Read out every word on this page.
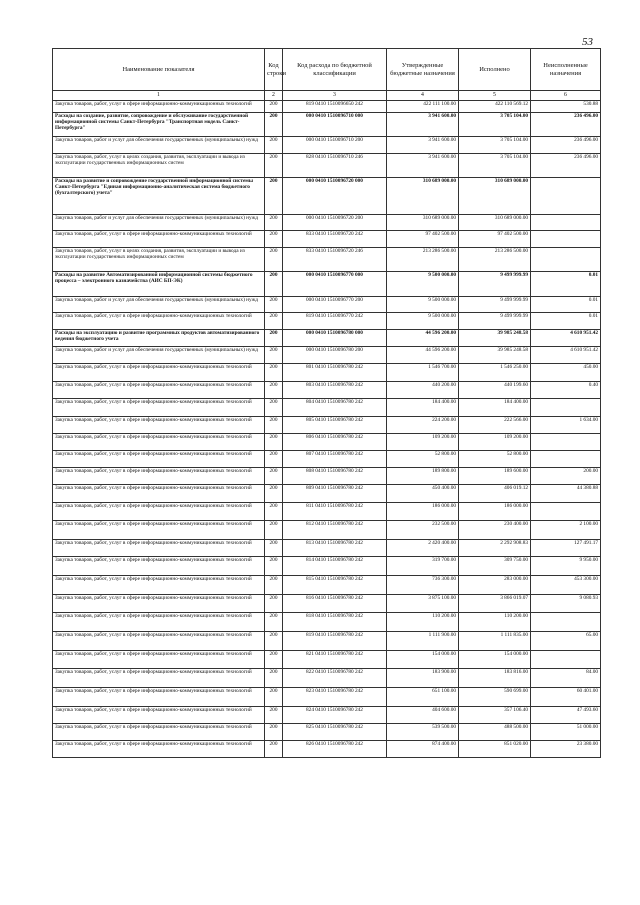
53
Наименование показателя	Код строки	Код расхода по бюджетной классификации	Утвержденные бюджетные назначения	Исполнено	Неисполненные назначения
1	2	3	4	5	6
Закупка товаров, работ, услуг в сфере информационно-коммуникационных технологий	200	819 0410 1510096650 242	422 111 100.00	422 110 569.12	530.88
Расходы на создание, развитие, сопровождение и обслуживание государственной информационной системы Санкт-Петербурга "Транспортная модель Санкт-Петербурга"	200	000 0410 1510096710 000	3 941 600.00	3 705 104.00	236 496.00
Закупка товаров, работ и услуг для обеспечения государственных (муниципальных) нужд	200	000 0410 1510096710 200	3 941 600.00	3 705 104.00	236 496.00
Закупка товаров, работ, услуг в целях создания, развития, эксплуатации и вывода из эксплуатации государственных информационных систем	200	828 0410 1510096710 246	3 941 600.00	3 705 104.00	236 496.00
Расходы на развитие и сопровождение государственной информационной системы Санкт-Петербурга "Единая информационно-аналитическая система бюджетного (бухгалтерского) учета"	200	000 0410 1510096720 000	310 689 000.00	310 689 000.00	
Закупка товаров, работ и услуг для обеспечения государственных (муниципальных) нужд	200	000 0410 1510096720 200	310 689 000.00	310 689 000.00	
Закупка товаров, работ, услуг в сфере информационно-коммуникационных технологий	200	833 0410 1510096720 242	97 402 500.00	97 402 500.00	
Закупка товаров, работ, услуг в целях создания, развития, эксплуатации и вывода из эксплуатации государственных информационных систем	200	833 0410 1510096720 246	213 286 500.00	213 286 500.00	
Расходы на развитие Автоматизированной информационной системы бюджетного процесса – электронного казначейства (АИС БП-ЭК)	200	000 0410 1510096770 000	9 500 000.00	9 499 999.99	0.01
Закупка товаров, работ и услуг для обеспечения государственных (муниципальных) нужд	200	000 0410 1510096770 200	9 500 000.00	9 499 999.99	0.01
Закупка товаров, работ, услуг в сфере информационно-коммуникационных технологий	200	819 0410 1510096770 242	9 500 000.00	9 499 999.99	0.01
Расходы на эксплуатацию и развитие программных продуктов автоматизированного ведения бюджетного учета	200	000 0410 1510096780 000	44 596 200.00	39 985 248.58	4 610 951.42
Закупка товаров, работ и услуг для обеспечения государственных (муниципальных) нужд	200	000 0410 1510096780 200	44 596 200.00	39 985 248.58	4 610 951.42
Закупка товаров, работ, услуг в сфере информационно-коммуникационных технологий	200	801 0410 1510096780 242	1 546 700.00	1 546 250.00	450.00
Закупка товаров, работ, услуг в сфере информационно-коммуникационных технологий	200	803 0410 1510096780 242	440 200.00	440 199.60	0.40
Закупка товаров, работ, услуг в сфере информационно-коммуникационных технологий	200	804 0410 1510096780 242	184 400.00	184 400.00	
Закупка товаров, работ, услуг в сфере информационно-коммуникационных технологий	200	805 0410 1510096780 242	224 200.00	222 566.00	1 634.00
Закупка товаров, работ, услуг в сфере информационно-коммуникационных технологий	200	806 0410 1510096780 242	109 200.00	109 200.00	
Закупка товаров, работ, услуг в сфере информационно-коммуникационных технологий	200	807 0410 1510096780 242	52 800.00	52 800.00	
Закупка товаров, работ, услуг в сфере информационно-коммуникационных технологий	200	808 0410 1510096780 242	189 800.00	189 600.00	200.00
Закупка товаров, работ, услуг в сфере информационно-коммуникационных технологий	200	809 0410 1510096780 242	450 400.00	406 019.12	44 380.88
Закупка товаров, работ, услуг в сфере информационно-коммуникационных технологий	200	811 0410 1510096780 242	186 000.00	186 000.00	
Закупка товаров, работ, услуг в сфере информационно-коммуникационных технологий	200	812 0410 1510096780 242	232 500.00	230 400.00	2 100.00
Закупка товаров, работ, услуг в сфере информационно-коммуникационных технологий	200	813 0410 1510096780 242	2 420 400.00	2 292 908.83	127 491.17
Закупка товаров, работ, услуг в сфере информационно-коммуникационных технологий	200	814 0410 1510096780 242	319 700.00	309 750.00	9 950.00
Закупка товаров, работ, услуг в сфере информационно-коммуникационных технологий	200	815 0410 1510096780 242	736 300.00	283 000.00	453 300.00
Закупка товаров, работ, услуг в сфере информационно-коммуникационных технологий	200	816 0410 1510096780 242	3 875 100.00	3 866 019.07	9 080.93
Закупка товаров, работ, услуг в сфере информационно-коммуникационных технологий	200	818 0410 1510096780 242	110 200.00	110 200.00	
Закупка товаров, работ, услуг в сфере информационно-коммуникационных технологий	200	819 0410 1510096780 242	1 111 900.00	1 111 835.00	65.00
Закупка товаров, работ, услуг в сфере информационно-коммуникационных технологий	200	821 0410 1510096780 242	154 000.00	154 000.00	
Закупка товаров, работ, услуг в сфере информационно-коммуникационных технологий	200	822 0410 1510096780 242	183 900.00	183 816.00	84.00
Закупка товаров, работ, услуг в сфере информационно-коммуникационных технологий	200	823 0410 1510096780 242	651 100.00	590 699.00	60 401.00
Закупка товаров, работ, услуг в сфере информационно-коммуникационных технологий	200	824 0410 1510096780 242	404 600.00	357 106.40	47 493.60
Закупка товаров, работ, услуг в сфере информационно-коммуникационных технологий	200	825 0410 1510096780 242	539 500.00	488 500.00	51 000.00
Закупка товаров, работ, услуг в сфере информационно-коммуникационных технологий	200	826 0410 1510096780 242	874 400.00	851 020.00	23 380.00
